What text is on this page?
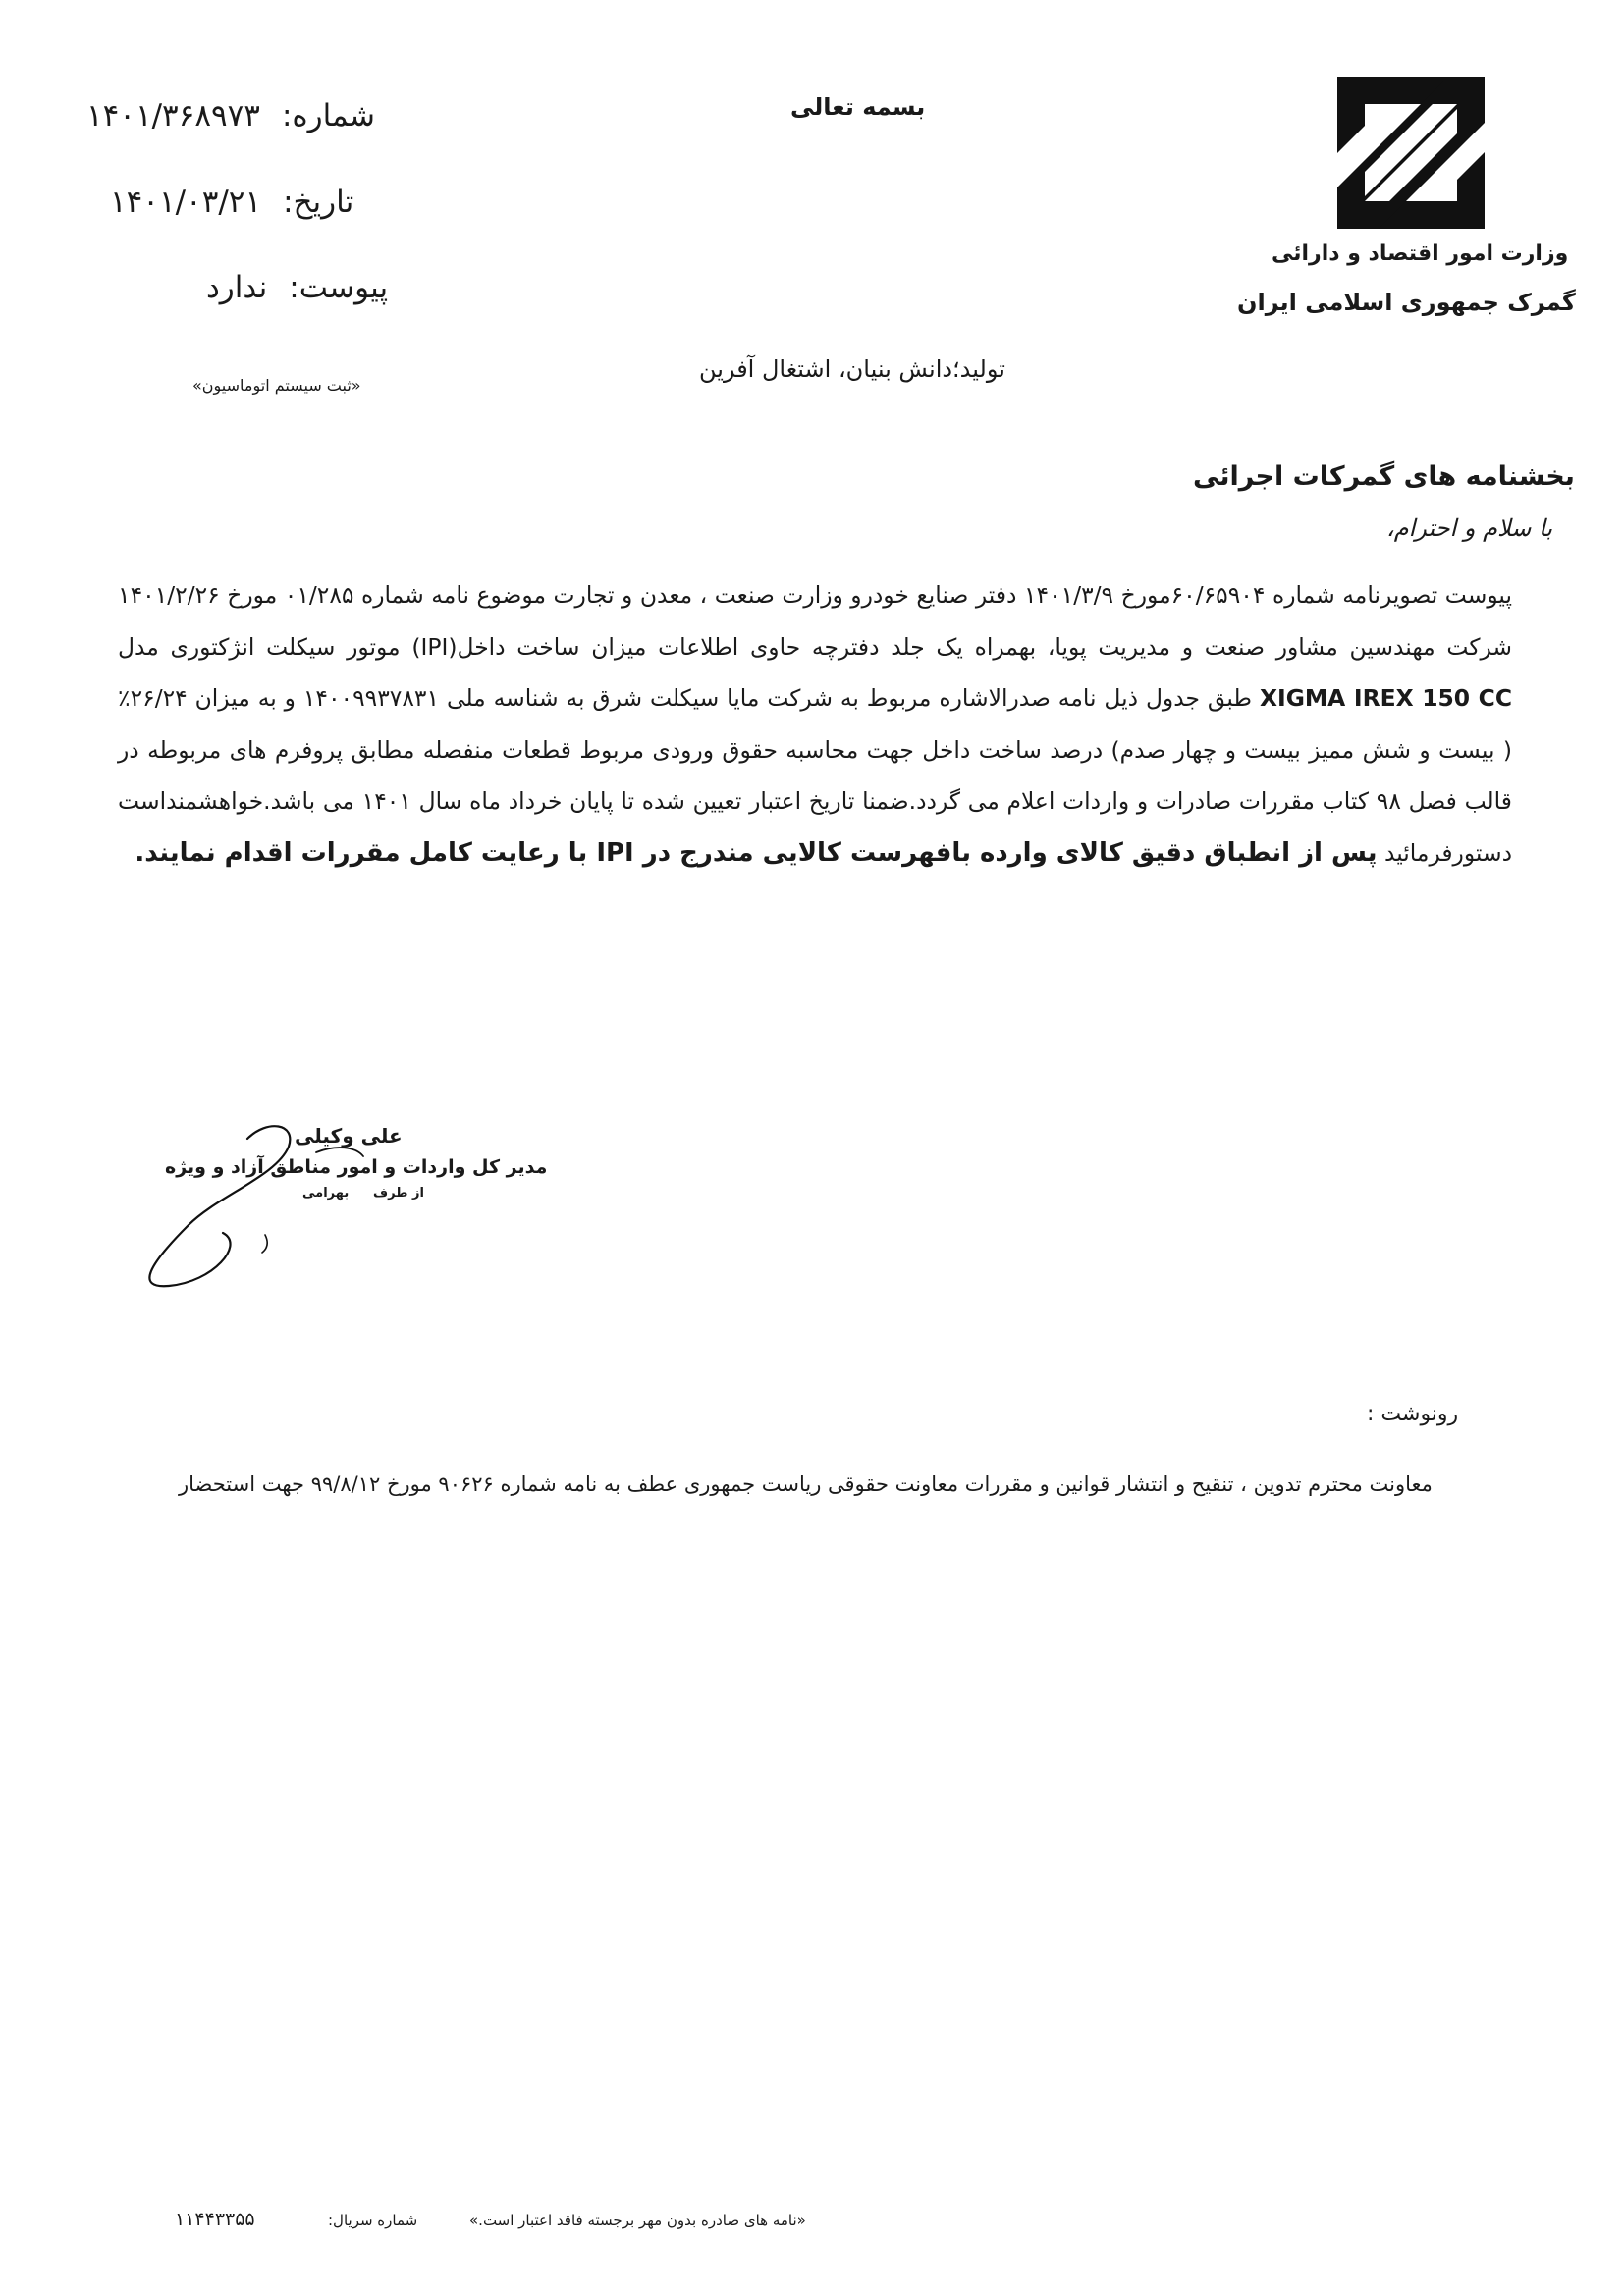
شماره:۱۴۰۱/۳۶۸۹۷۳
تاریخ:۱۴۰۱/۰۳/۲۱
پیوست:ندارد
«ثبت سیستم اتوماسیون»
بسمه تعالی
تولید؛دانش بنیان، اشتغال آفرین
وزارت امور اقتصاد و دارائی
گمرک جمهوری اسلامی ایران
بخشنامه های گمرکات اجرائی
با سلام و احترام،
پیوست تصویرنامه شماره ۶۰/۶۵۹۰۴مورخ ۱۴۰۱/۳/۹ دفتر صنایع خودرو وزارت صنعت ، معدن و تجارت موضوع نامه شماره ۰۱/۲۸۵ مورخ ۱۴۰۱/۲/۲۶ شرکت مهندسین مشاور صنعت و مدیریت پویا، بهمراه یک جلد دفترچه حاوی اطلاعات میزان ساخت داخل(IPI) موتور سیکلت انژکتوری مدل XIGMA IREX 150 CC طبق جدول ذیل نامه صدرالاشاره مربوط به شرکت مایا سیکلت شرق به شناسه ملی ۱۴۰۰۹۹۳۷۸۳۱ و به میزان ۲۶/۲۴٪ ( بیست و شش ممیز بیست و چهار صدم) درصد ساخت داخل جهت محاسبه حقوق ورودی مربوط قطعات منفصله مطابق پروفرم های مربوطه در قالب فصل ۹۸ کتاب مقررات صادرات و واردات اعلام می گردد.ضمنا تاریخ اعتبار تعیین شده تا پایان خرداد ماه سال ۱۴۰۱ می باشد.خواهشمنداست دستورفرمائید پس از انطباق دقیق کالای وارده بافهرست کالایی مندرج در IPI با رعایت کامل مقررات اقدام نمایند.
علی وکیلی
مدیر کل واردات و امور مناطق آزاد و ویژه
از طرف
بهرامی
رونوشت :
معاونت محترم تدوین ، تنقیح و انتشار قوانین و مقررات معاونت حقوقی ریاست جمهوری عطف به نامه شماره ۹۰۶۲۶ مورخ ۹۹/۸/۱۲ جهت استحضار
«نامه های صادره بدون مهر برجسته فاقد اعتبار است.»
شماره سریال:
۱۱۴۴۳۳۵۵
